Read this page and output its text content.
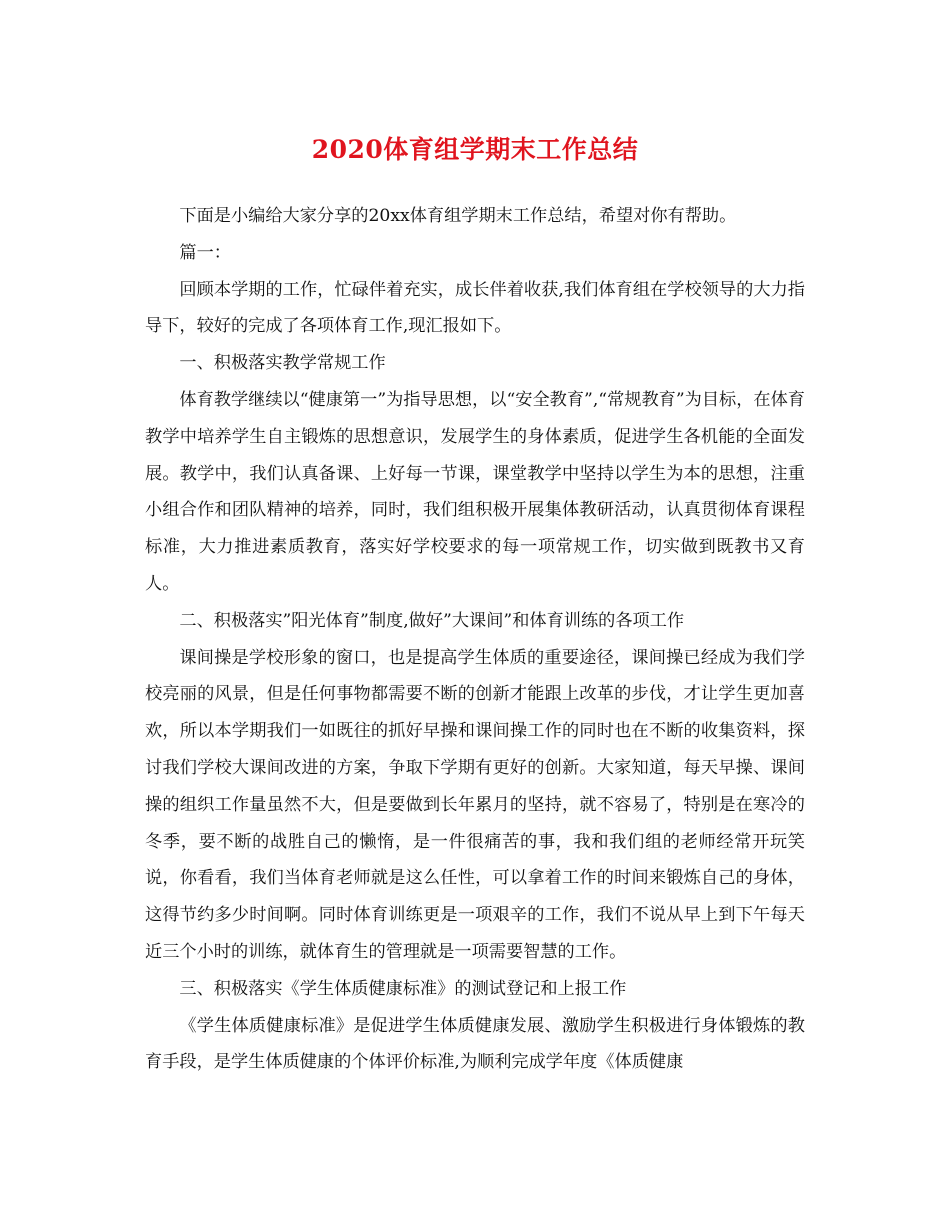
2020体育组学期末工作总结

下面是小编给大家分享的20xx体育组学期末工作总结，希望对你有帮助。

篇一：

回顾本学期的工作，忙碌伴着充实，成长伴着收获,我们体育组在学校领导的大力指导下，较好的完成了各项体育工作,现汇报如下。

一、积极落实教学常规工作

体育教学继续以“健康第一”为指导思想，以“安全教育”,“常规教育”为目标，在体育教学中培养学生自主锻炼的思想意识，发展学生的身体素质，促进学生各机能的全面发展。教学中，我们认真备课、上好每一节课，课堂教学中坚持以学生为本的思想，注重小组合作和团队精神的培养，同时，我们组积极开展集体教研活动，认真贯彻体育课程标准，大力推进素质教育，落实好学校要求的每一项常规工作，切实做到既教书又育人。

二、积极落实”阳光体育”制度,做好”大课间”和体育训练的各项工作

课间操是学校形象的窗口，也是提高学生体质的重要途径，课间操已经成为我们学校亮丽的风景，但是任何事物都需要不断的创新才能跟上改革的步伐，才让学生更加喜欢，所以本学期我们一如既往的抓好早操和课间操工作的同时也在不断的收集资料，探讨我们学校大课间改进的方案，争取下学期有更好的创新。大家知道，每天早操、课间操的组织工作量虽然不大，但是要做到长年累月的坚持，就不容易了，特别是在寒冷的冬季，要不断的战胜自己的懒惰，是一件很痛苦的事，我和我们组的老师经常开玩笑说，你看看，我们当体育老师就是这么任性，可以拿着工作的时间来锻炼自己的身体，这得节约多少时间啊。同时体育训练更是一项艰辛的工作，我们不说从早上到下午每天近三个小时的训练，就体育生的管理就是一项需要智慧的工作。

三、积极落实《学生体质健康标准》的测试登记和上报工作

《学生体质健康标准》是促进学生体质健康发展、激励学生积极进行身体锻炼的教育手段，是学生体质健康的个体评价标准,为顺利完成学年度《体质健康
